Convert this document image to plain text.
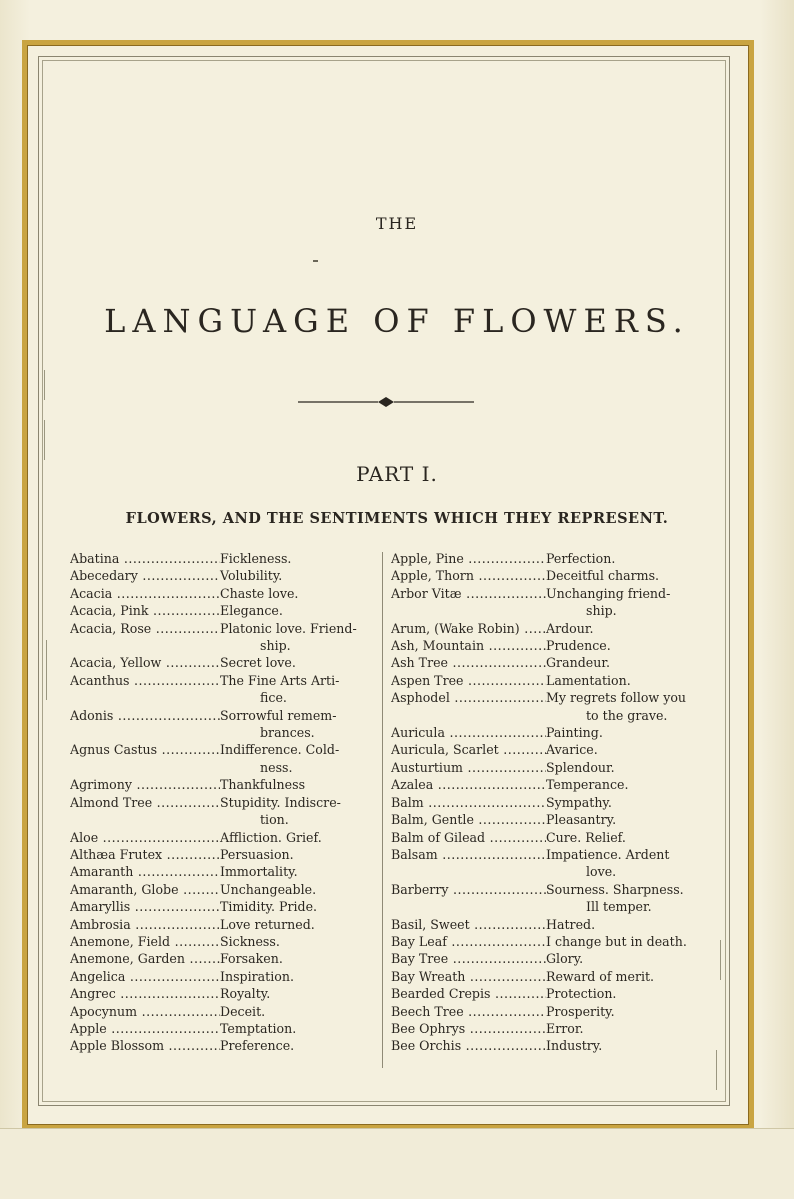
THE
LANGUAGE OF FLOWERS.
PART I.
FLOWERS, AND THE SENTIMENTS WHICH THEY REPRESENT.
Abatina .....	Fickleness.
Abecedary .....	Volubility.
Acacia .....	Chaste love.
Acacia, Pink .....	Elegance.
Acacia, Rose .....	Platonic love. Friend-
ship.
Acacia, Yellow .....	Secret love.
Acanthus .....	The Fine Arts Arti-
fice.
Adonis .....	Sorrowful remem-
brances.
Agnus Castus .....	Indifference. Cold-
ness.
Agrimony .....	Thankfulness
Almond Tree .....	Stupidity. Indiscre-
tion.
Aloe .....	Affliction. Grief.
Althæa Frutex .....	Persuasion.
Amaranth .....	Immortality.
Amaranth, Globe .....	Unchangeable.
Amaryllis .....	Timidity. Pride.
Ambrosia .....	Love returned.
Anemone, Field .....	Sickness.
Anemone, Garden .....	Forsaken.
Angelica .....	Inspiration.
Angrec .....	Royalty.
Apocynum .....	Deceit.
Apple .....	Temptation.
Apple Blossom .....	Preference.
Apple, Pine .....	Perfection.
Apple, Thorn .....	Deceitful charms.
Arbor Vitæ .....	Unchanging friend-
ship.
Arum, (Wake Robin) .....	Ardour.
Ash, Mountain .....	Prudence.
Ash Tree .....	Grandeur.
Aspen Tree .....	Lamentation.
Asphodel .....	My regrets follow you
to the grave.
Auricula .....	Painting.
Auricula, Scarlet .....	Avarice.
Austurtium .....	Splendour.
Azalea .....	Temperance.
Balm .....	Sympathy.
Balm, Gentle .....	Pleasantry.
Balm of Gilead .....	Cure. Relief.
Balsam .....	Impatience. Ardent
love.
Barberry .....	Sourness. Sharpness.
Ill temper.
Basil, Sweet .....	Hatred.
Bay Leaf .....	I change but in death.
Bay Tree .....	Glory.
Bay Wreath .....	Reward of merit.
Bearded Crepis .....	Protection.
Beech Tree .....	Prosperity.
Bee Ophrys .....	Error.
Bee Orchis .....	Industry.
